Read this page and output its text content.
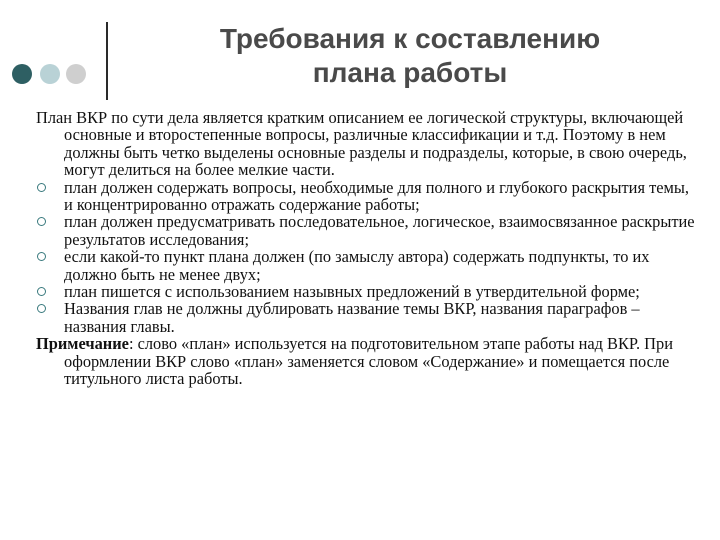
Требования к составлению
плана работы

План ВКР по сути дела является кратким описанием ее логической структуры, включающей основные и второстепенные вопросы, различные классификации и т.д. Поэтому в нем должны быть четко выделены основные разделы и подразделы, которые, в свою очередь, могут делиться на более мелкие части.

план должен содержать вопросы, необходимые для полного и глубокого раскрытия темы, и концентрированно отражать содержание работы;
план должен предусматривать последовательное, логическое, взаимосвязанное раскрытие результатов исследования;
если какой-то пункт плана должен (по замыслу автора) содержать подпункты, то их должно быть не менее двух;
план пишется с использованием назывных предложений в утвердительной форме;
Названия глав не должны дублировать название темы ВКР, названия параграфов – названия главы.

Примечание: слово «план» используется на подготовительном этапе работы над ВКР. При оформлении ВКР слово «план» заменяется словом «Содержание» и помещается после титульного листа работы.
